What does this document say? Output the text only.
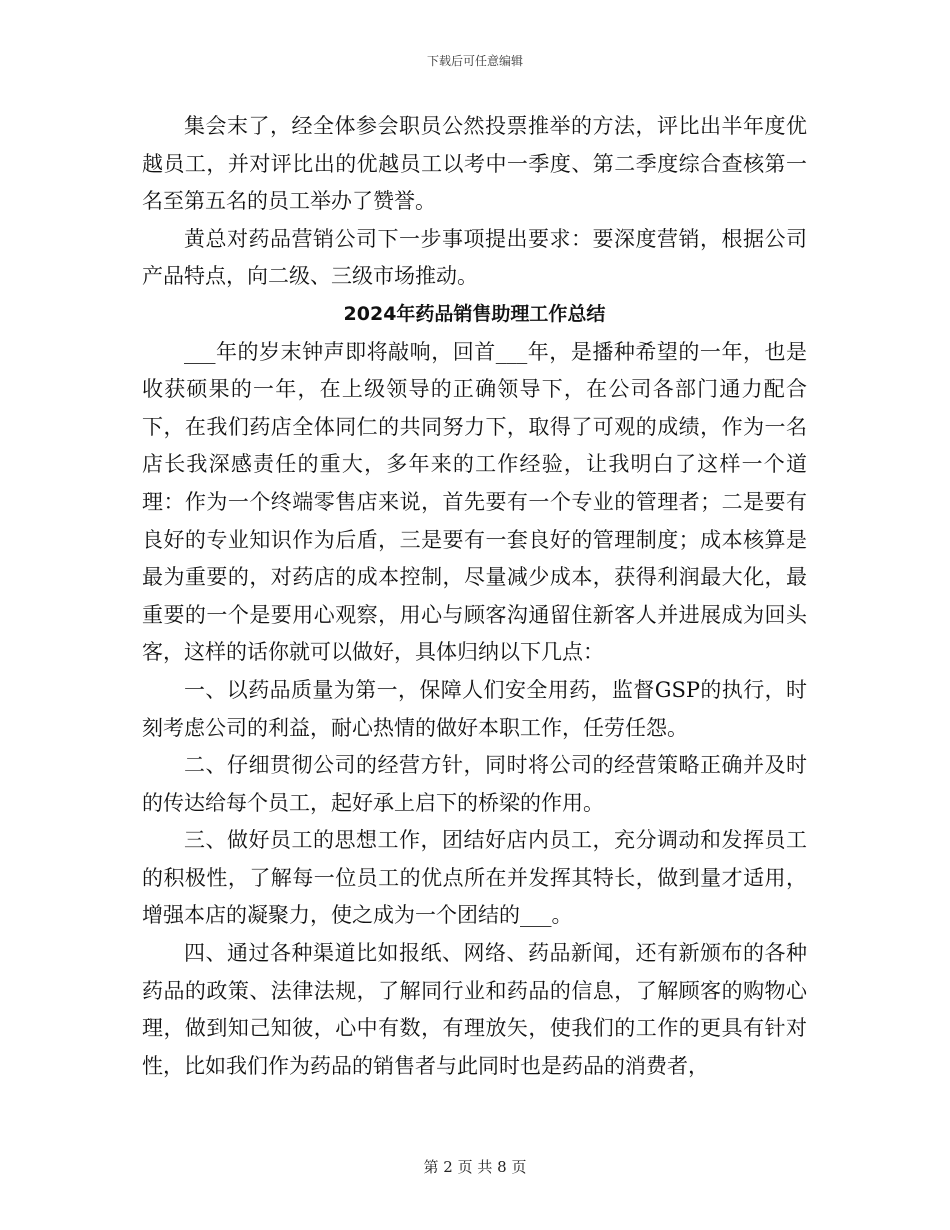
下载后可任意编辑

集会末了，经全体参会职员公然投票推举的方法，评比出半年度优越员工，并对评比出的优越员工以考中一季度、第二季度综合查核第一名至第五名的员工举办了赞誉。

黄总对药品营销公司下一步事项提出要求：要深度营销，根据公司产品特点，向二级、三级市场推动。

2024年药品销售助理工作总结

___年的岁末钟声即将敲响，回首___年，是播种希望的一年，也是收获硕果的一年，在上级领导的正确领导下，在公司各部门通力配合下，在我们药店全体同仁的共同努力下，取得了可观的成绩，作为一名店长我深感责任的重大，多年来的工作经验，让我明白了这样一个道理：作为一个终端零售店来说，首先要有一个专业的管理者；二是要有良好的专业知识作为后盾，三是要有一套良好的管理制度；成本核算是最为重要的，对药店的成本控制，尽量减少成本，获得利润最大化，最重要的一个是要用心观察，用心与顾客沟通留住新客人并进展成为回头客，这样的话你就可以做好，具体归纳以下几点：

一、以药品质量为第一，保障人们安全用药，监督GSP的执行，时刻考虑公司的利益，耐心热情的做好本职工作，任劳任怨。

二、仔细贯彻公司的经营方针，同时将公司的经营策略正确并及时的传达给每个员工，起好承上启下的桥梁的作用。

三、做好员工的思想工作，团结好店内员工，充分调动和发挥员工的积极性，了解每一位员工的优点所在并发挥其特长，做到量才适用，增强本店的凝聚力，使之成为一个团结的___。

四、通过各种渠道比如报纸、网络、药品新闻，还有新颁布的各种药品的政策、法律法规，了解同行业和药品的信息，了解顾客的购物心理，做到知己知彼，心中有数，有理放矢，使我们的工作的更具有针对性，比如我们作为药品的销售者与此同时也是药品的消费者，

第 2 页 共 8 页
